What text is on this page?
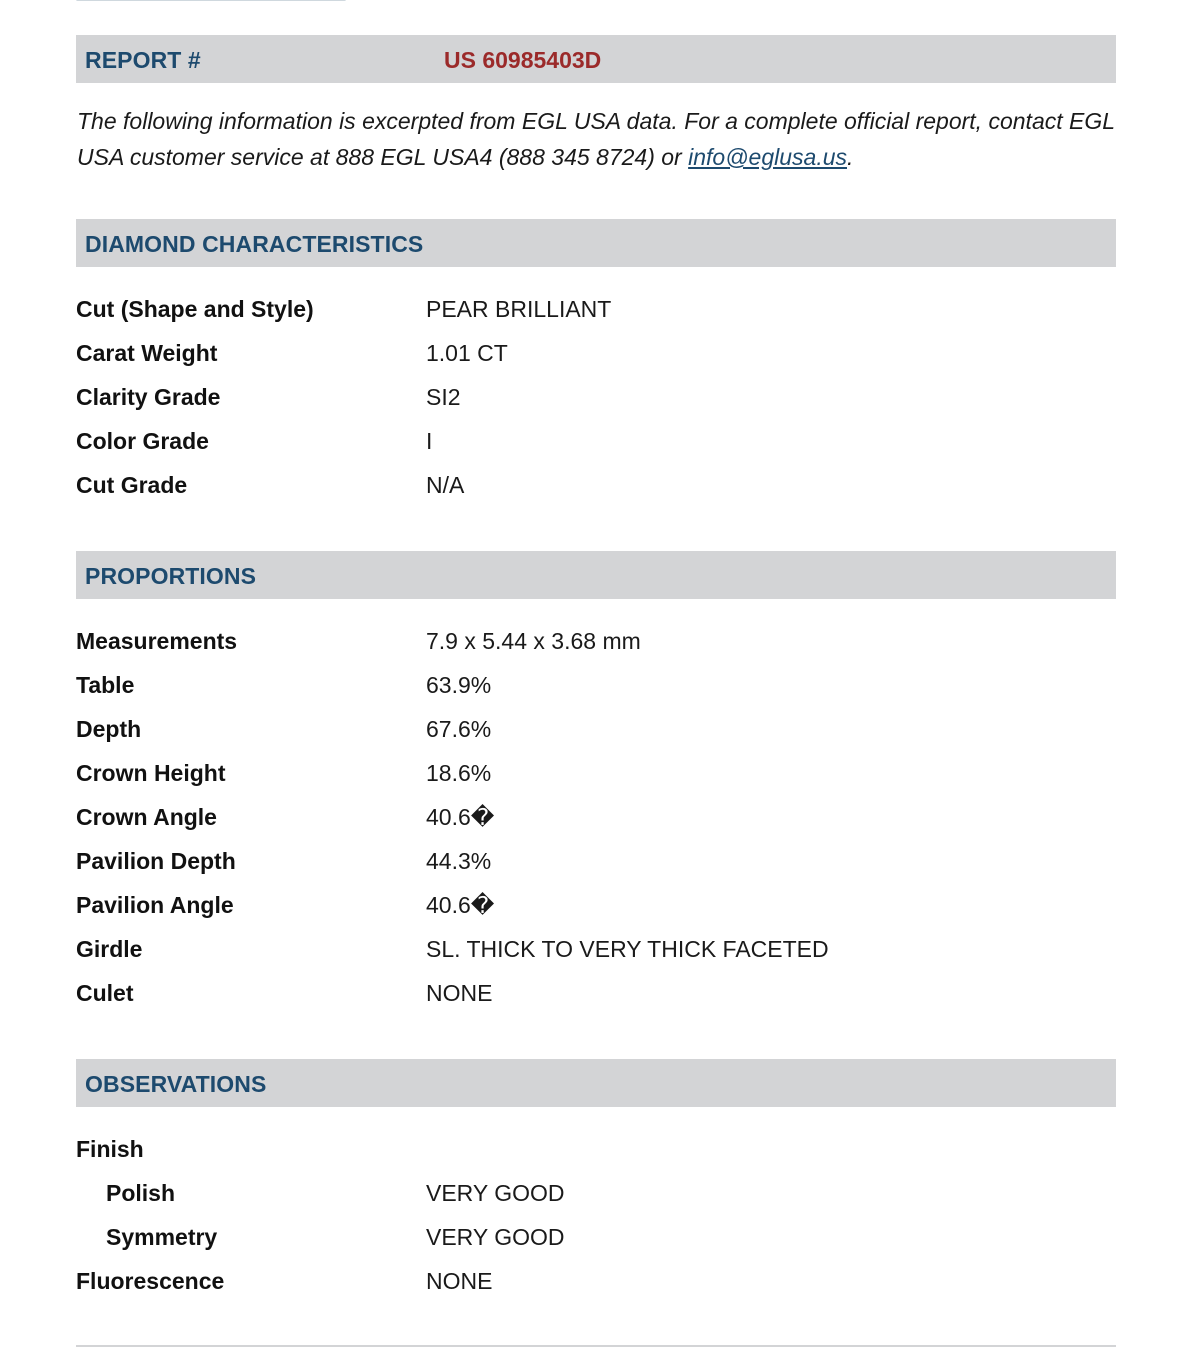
REPORT #	US 60985403D

The following information is excerpted from EGL USA data. For a complete official report, contact EGL USA customer service at 888 EGL USA4 (888 345 8724) or info@eglusa.us.

DIAMOND CHARACTERISTICS
Cut (Shape and Style)	PEAR BRILLIANT
Carat Weight	1.01 CT
Clarity Grade	SI2
Color Grade	I
Cut Grade	N/A
PROPORTIONS
Measurements	7.9 x 5.44 x 3.68 mm
Table	63.9%
Depth	67.6%
Crown Height	18.6%
Crown Angle	40.6�
Pavilion Depth	44.3%
Pavilion Angle	40.6�
Girdle	SL. THICK TO VERY THICK FACETED
Culet	NONE
OBSERVATIONS
Finish
Polish	VERY GOOD
Symmetry	VERY GOOD
Fluorescence	NONE
